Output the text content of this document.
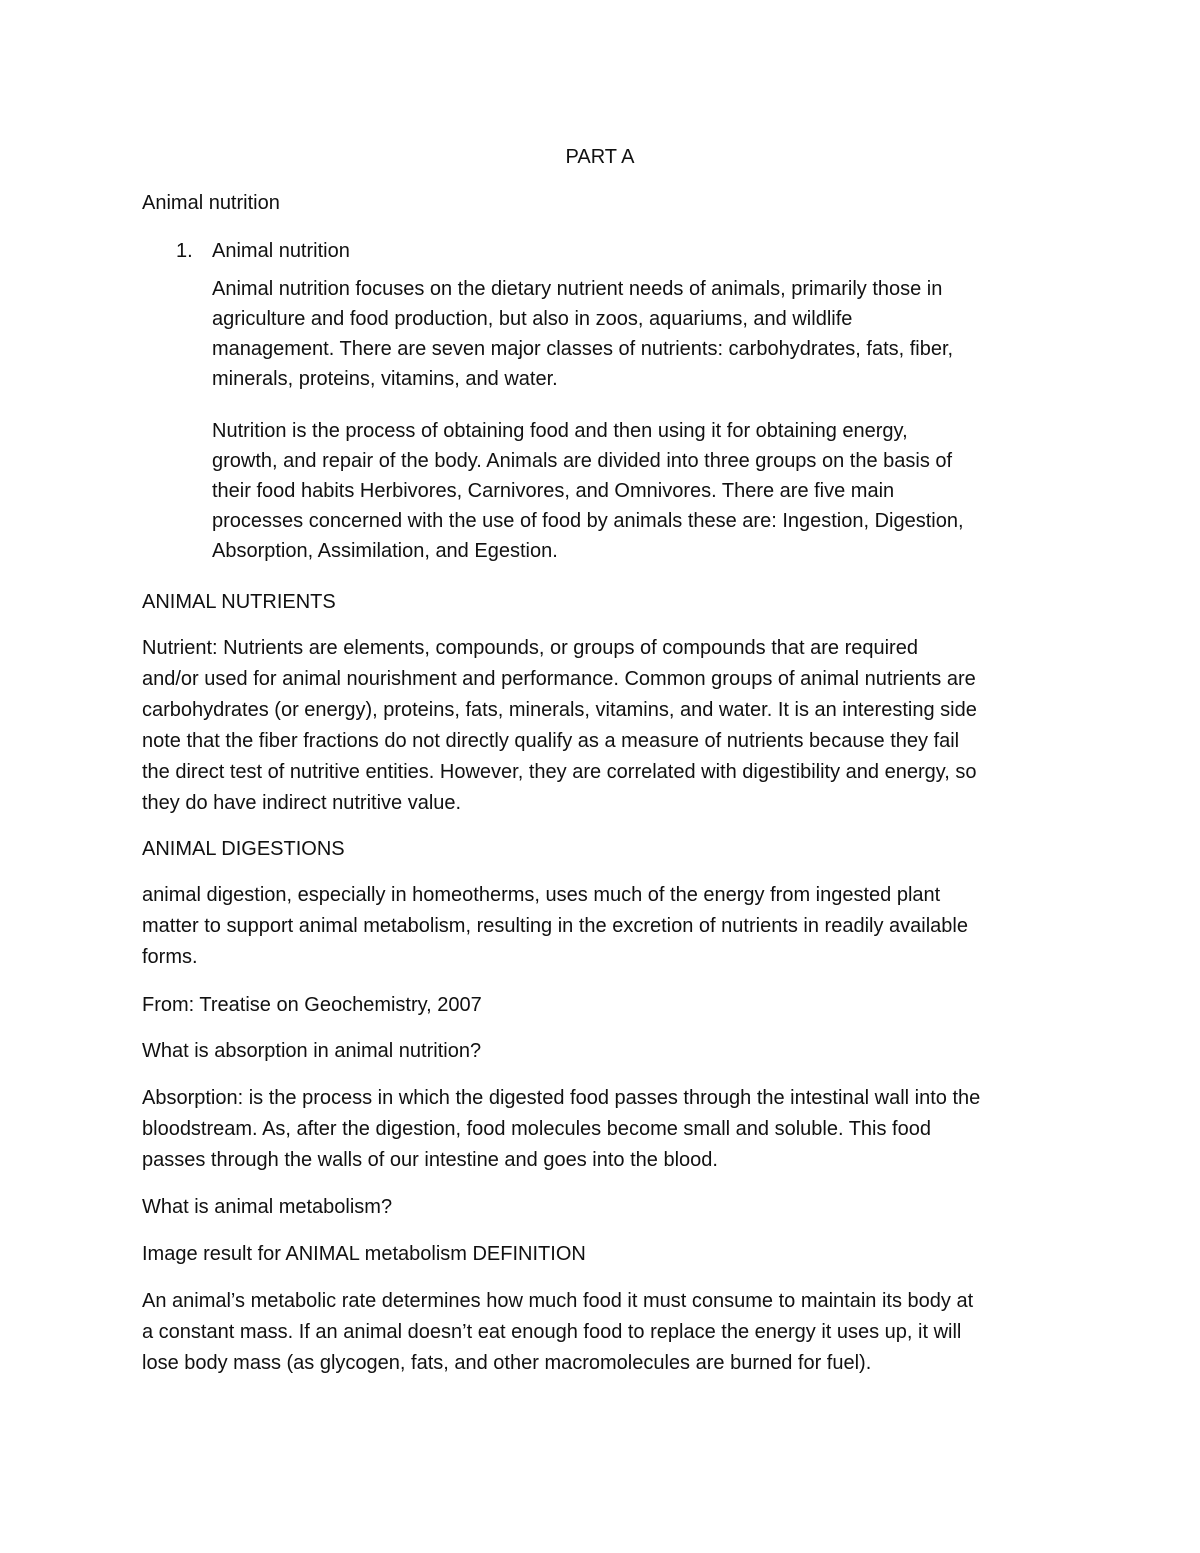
PART A
Animal nutrition
1. Animal nutrition
Animal nutrition focuses on the dietary nutrient needs of animals, primarily those in
agriculture and food production, but also in zoos, aquariums, and wildlife
management. There are seven major classes of nutrients: carbohydrates, fats, fiber,
minerals, proteins, vitamins, and water.
Nutrition is the process of obtaining food and then using it for obtaining energy,
growth, and repair of the body. Animals are divided into three groups on the basis of
their food habits Herbivores, Carnivores, and Omnivores. There are five main
processes concerned with the use of food by animals these are: Ingestion, Digestion,
Absorption, Assimilation, and Egestion.
ANIMAL NUTRIENTS
Nutrient: Nutrients are elements, compounds, or groups of compounds that are required
and/or used for animal nourishment and performance. Common groups of animal nutrients are
carbohydrates (or energy), proteins, fats, minerals, vitamins, and water. It is an interesting side
note that the fiber fractions do not directly qualify as a measure of nutrients because they fail
the direct test of nutritive entities. However, they are correlated with digestibility and energy, so
they do have indirect nutritive value.
ANIMAL DIGESTIONS
animal digestion, especially in homeotherms, uses much of the energy from ingested plant
matter to support animal metabolism, resulting in the excretion of nutrients in readily available
forms.
From: Treatise on Geochemistry, 2007
What is absorption in animal nutrition?
Absorption: is the process in which the digested food passes through the intestinal wall into the
bloodstream. As, after the digestion, food molecules become small and soluble. This food
passes through the walls of our intestine and goes into the blood.
What is animal metabolism?
Image result for ANIMAL metabolism DEFINITION
An animal’s metabolic rate determines how much food it must consume to maintain its body at
a constant mass. If an animal doesn’t eat enough food to replace the energy it uses up, it will
lose body mass (as glycogen, fats, and other macromolecules are burned for fuel).
